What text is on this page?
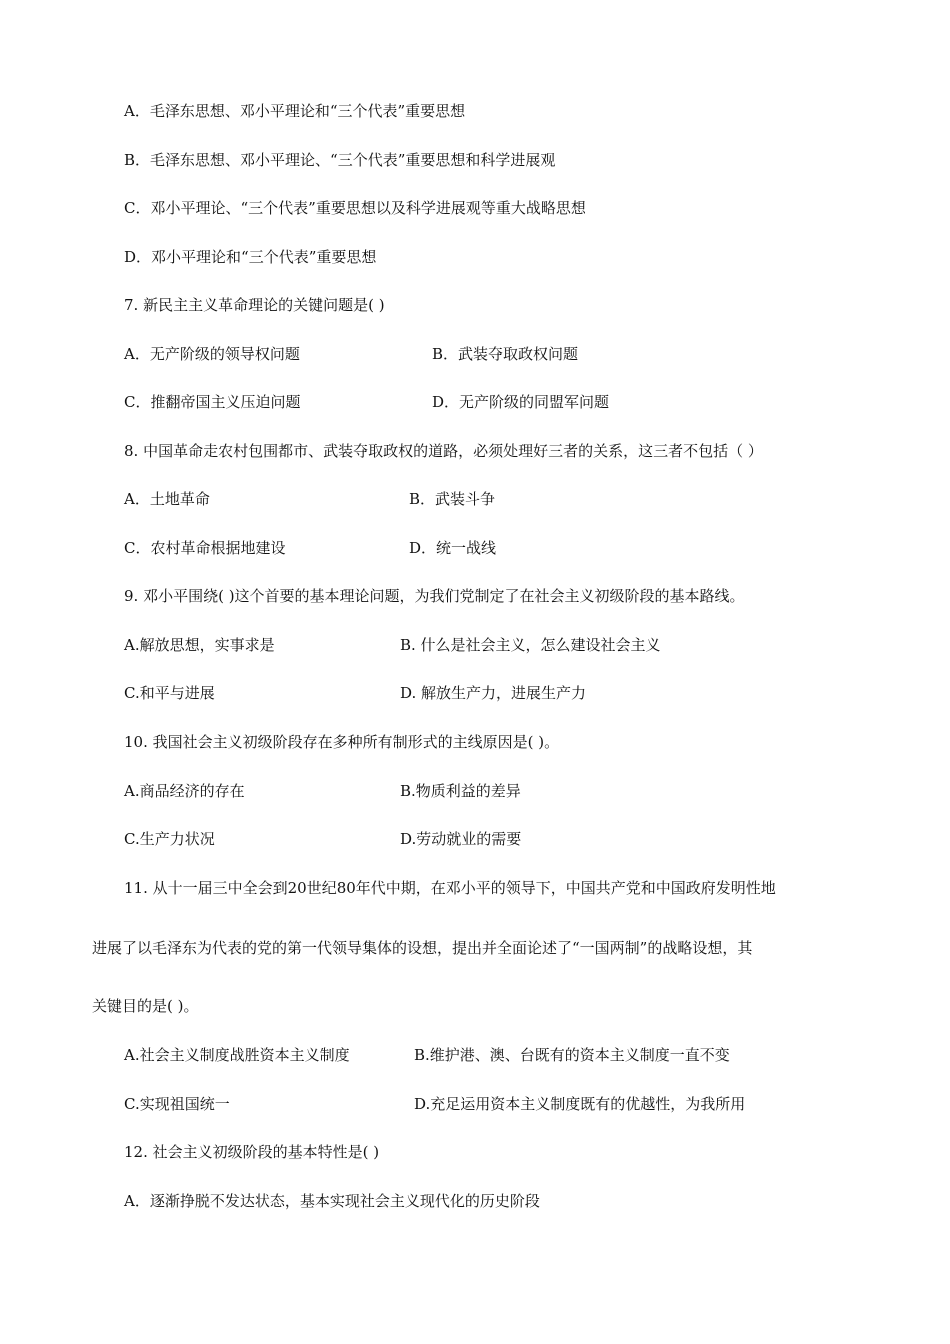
A．毛泽东思想、邓小平理论和“三个代表”重要思想
B．毛泽东思想、邓小平理论、“三个代表”重要思想和科学进展观
C．邓小平理论、“三个代表”重要思想以及科学进展观等重大战略思想
D．邓小平理论和“三个代表”重要思想
7. 新民主主义革命理论的关键问题是( )
A．无产阶级的领导权问题	B．武装夺取政权问题
C．推翻帝国主义压迫问题	D．无产阶级的同盟军问题
8. 中国革命走农村包围都市、武装夺取政权的道路，必须处理好三者的关系，这三者不包括（ ）
A．土地革命	B．武装斗争
C．农村革命根据地建设	D．统一战线
9. 邓小平围绕( )这个首要的基本理论问题，为我们党制定了在社会主义初级阶段的基本路线。
A.解放思想，实事求是	B. 什么是社会主义，怎么建设社会主义
C.和平与进展	D. 解放生产力，进展生产力
10. 我国社会主义初级阶段存在多种所有制形式的主线原因是( )。
A.商品经济的存在	B.物质利益的差异
C.生产力状况	D.劳动就业的需要
11. 从十一届三中全会到20世纪80年代中期，在邓小平的领导下，中国共产党和中国政府发明性地
进展了以毛泽东为代表的党的第一代领导集体的设想，提出并全面论述了“一国两制”的战略设想，其
关键目的是( )。
A.社会主义制度战胜资本主义制度	B.维护港、澳、台既有的资本主义制度一直不变
C.实现祖国统一	D.充足运用资本主义制度既有的优越性，为我所用
12. 社会主义初级阶段的基本特性是( )
A．逐渐挣脱不发达状态，基本实现社会主义现代化的历史阶段
